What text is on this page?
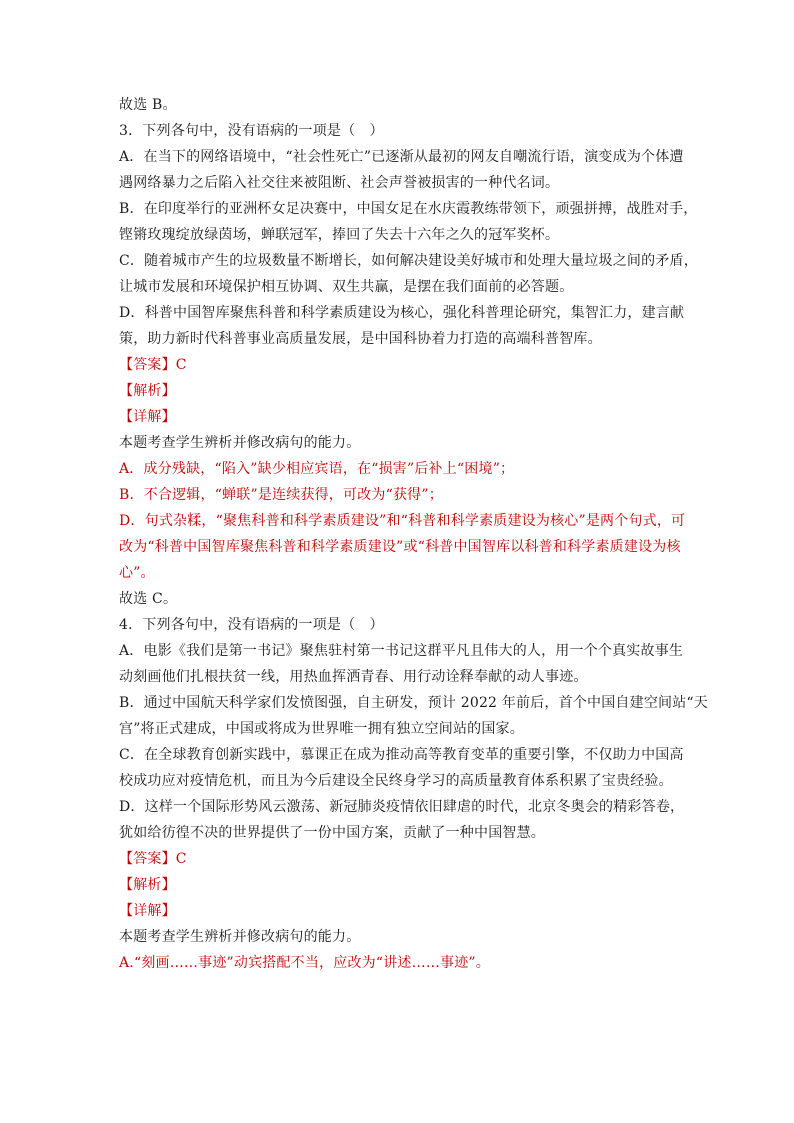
故选 B。

3．下列各句中，没有语病的一项是（　）

A．在当下的网络语境中，“社会性死亡”已逐渐从最初的网友自嘲流行语，演变成为个体遭

遇网络暴力之后陷入社交往来被阻断、社会声誉被损害的一种代名词。

B．在印度举行的亚洲杯女足决赛中，中国女足在水庆霞教练带领下，顽强拼搏，战胜对手，

铿锵玫瑰绽放绿茵场，蝉联冠军，捧回了失去十六年之久的冠军奖杯。

C．随着城市产生的垃圾数量不断增长，如何解决建设美好城市和处理大量垃圾之间的矛盾，

让城市发展和环境保护相互协调、双生共赢，是摆在我们面前的必答题。

D．科普中国智库聚焦科普和科学素质建设为核心，强化科普理论研究，集智汇力，建言献

策，助力新时代科普事业高质量发展，是中国科协着力打造的高端科普智库。

【答案】C

【解析】

【详解】

本题考查学生辨析并修改病句的能力。

A．成分残缺，“陷入”缺少相应宾语，在“损害”后补上“困境”；

B．不合逻辑，“蝉联”是连续获得，可改为“获得”；

D．句式杂糅，“聚焦科普和科学素质建设”和“科普和科学素质建设为核心”是两个句式，可

改为“科普中国智库聚焦科普和科学素质建设”或“科普中国智库以科普和科学素质建设为核

心”。

故选 C。

4．下列各句中，没有语病的一项是（　）

A．电影《我们是第一书记》聚焦驻村第一书记这群平凡且伟大的人，用一个个真实故事生

动刻画他们扎根扶贫一线，用热血挥洒青春、用行动诠释奉献的动人事迹。

B．通过中国航天科学家们发愤图强，自主研发，预计 2022 年前后，首个中国自建空间站“天

宫”将正式建成，中国或将成为世界唯一拥有独立空间站的国家。

C．在全球教育创新实践中，慕课正在成为推动高等教育变革的重要引擎，不仅助力中国高

校成功应对疫情危机，而且为今后建设全民终身学习的高质量教育体系积累了宝贵经验。

D．这样一个国际形势风云激荡、新冠肺炎疫情依旧肆虐的时代，北京冬奥会的精彩答卷，

犹如给彷徨不决的世界提供了一份中国方案，贡献了一种中国智慧。

【答案】C

【解析】

【详解】

本题考查学生辨析并修改病句的能力。

A.“刻画……事迹”动宾搭配不当，应改为“讲述……事迹”。
